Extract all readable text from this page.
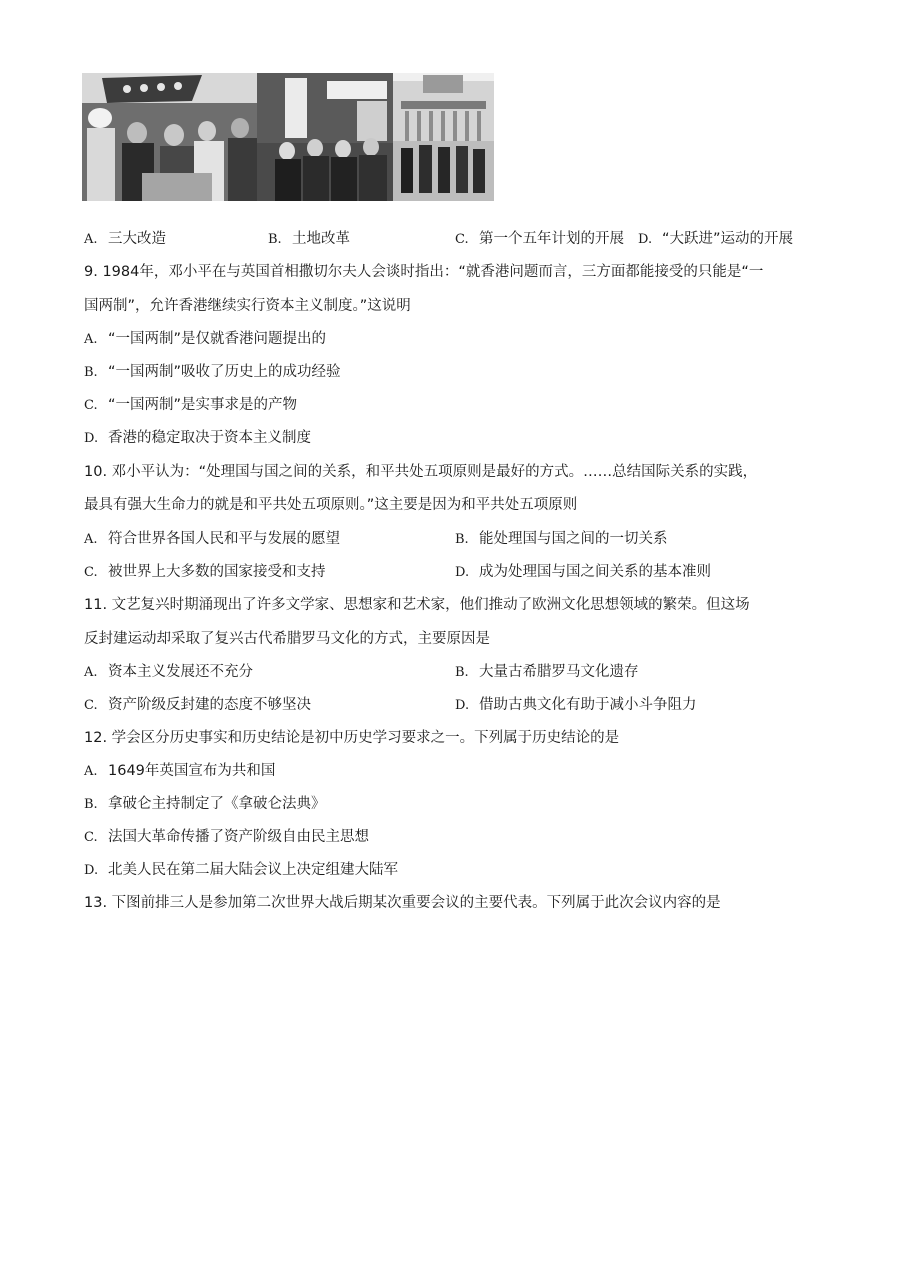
A. 三大改造	B. 土地改革	C. 第一个五年计划的开展 D. “大跃进”运动的开展
9. 1984年，邓小平在与英国首相撒切尔夫人会谈时指出：“就香港问题而言，三方面都能接受的只能是“一
国两制”，允许香港继续实行资本主义制度。”这说明
A. “一国两制”是仅就香港问题提出的
B. “一国两制”吸收了历史上的成功经验
C. “一国两制”是实事求是的产物
D. 香港的稳定取决于资本主义制度
10. 邓小平认为：“处理国与国之间的关系，和平共处五项原则是最好的方式。……总结国际关系的实践，
最具有强大生命力的就是和平共处五项原则。”这主要是因为和平共处五项原则
A. 符合世界各国人民和平与发展的愿望	B. 能处理国与国之间的一切关系
C. 被世界上大多数的国家接受和支持	D. 成为处理国与国之间关系的基本准则
11. 文艺复兴时期涌现出了许多文学家、思想家和艺术家，他们推动了欧洲文化思想领域的繁荣。但这场
反封建运动却采取了复兴古代希腊罗马文化的方式，主要原因是
A. 资本主义发展还不充分	B. 大量古希腊罗马文化遗存
C. 资产阶级反封建的态度不够坚决	D. 借助古典文化有助于减小斗争阻力
12. 学会区分历史事实和历史结论是初中历史学习要求之一。下列属于历史结论的是
A. 1649年英国宣布为共和国
B. 拿破仑主持制定了《拿破仑法典》
C. 法国大革命传播了资产阶级自由民主思想
D. 北美人民在第二届大陆会议上决定组建大陆军
13. 下图前排三人是参加第二次世界大战后期某次重要会议的主要代表。下列属于此次会议内容的是
